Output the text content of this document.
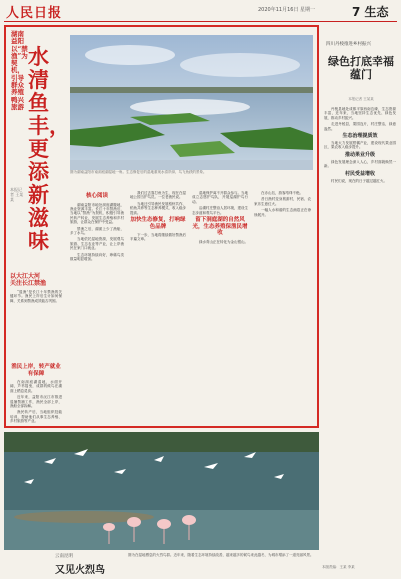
人民日报	2020年11月16日 星期一	7 生态
湖南益阳以“禁渔”为契机，引导群众养殖鸭兴旅游
本报记者 王某某
水清鱼丰，更添新滋味
图为湖南益阳市南洞庭湖湿地一角。生态修复后的湿地重现水清岸绿、鸟飞鱼跃的景象。
以大江大河
关注长江禁渔

“退渔”是长江十年禁渔的关键环节。渔民上岸后生计如何保障，关系到禁渔成效能否巩固。

渔民上岸，转产就业有保障

在南洞庭湖湿地，水面开阔，芦苇摇曳，成群的候鸟在湖面上栖息觅食。

近年来，益阳市沅江市推进退捕禁捕工作，渔民全部上岸，渔船全部拆解。

渔民转产后，当地组织技能培训，帮助他们从事生态养殖、乡村旅游等产业。

核心阅读

湖南益阳市地处洞庭湖腹地，渔业资源丰富。长江十年禁渔后，当地以“禁渔”为契机，积极引导渔民转产转业，发展生态养殖和乡村旅游，让群众在保护中受益。

禁渔之后，湖面上少了渔船，多了水鸟。

当地依托湿地资源，发展观鸟旅游、生态农业等产业，让上岸渔民在家门口就业。

生态环境持续向好，珍稀鸟类数量明显增加。

我们过去靠打鱼为生，现在在湿地公园当护鸟员。一位老渔民说。

当地还引导渔民发展稻虾共作、稻鱼共养等生态种养模式，收入稳步提高。

加快生态修复，打响绿色品牌

下一步，当地将继续做好禁渔后半篇文章。

湿地保护离不开群众参与。当地成立志愿护鸟队，开展巡湖护鸟行动。

沿湖村庄整治人居环境，建设生态步道和观鸟平台。

留下洞庭湖的自然风光，生态养殖保渔民增收

绿水青山正在转化为金山银山。

在赤山岛，游客络绎不绝。

昔日渔村变身旅游村，民宿、农家乐生意红火。

一幅人水和谐的生态画卷正在徐徐展开。

四川丹棱推进乡村振兴
绿色打底幸福蕴门
本报记者 王某某

丹棱县地处成都平原西南边缘，生态资源丰富，近年来，当地坚持生态优先、绿色发展，推动乡村振兴。

走进丹棱县，果园连片，村庄整洁，绿意盎然。

生态治理提质效

当地大力发展柑橘产业，建设现代果业园区，果农收入稳步提升。

推动果业升级

绿色发展理念深入人心，乡村面貌焕然一新。

村民受益增收

村民们说，现在的日子越过越红火。

云南昆明
又见火烈鸟
图为在湿地栖息的火烈鸟群。近年来，随着生态环境持续改善，越来越多的候鸟来此越冬，为城市增添了一道亮丽风景。
本版责编：王某 李某
